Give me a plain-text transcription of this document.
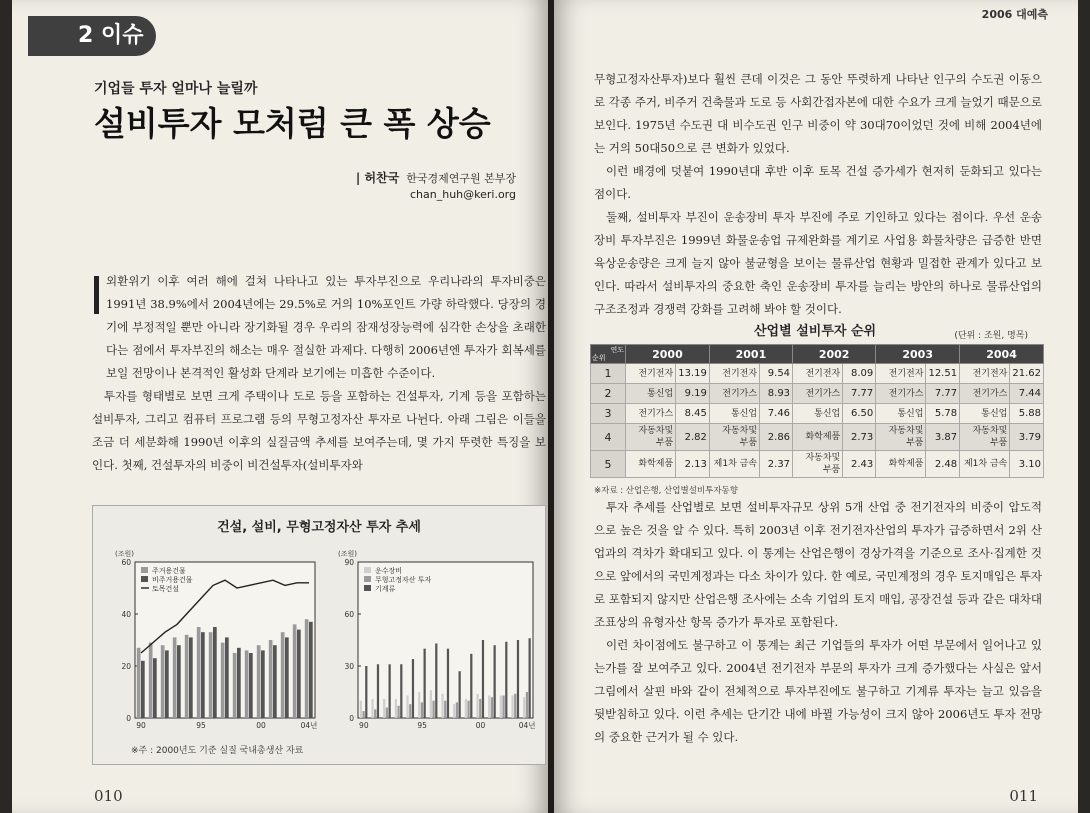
2 이슈
기업들 투자 얼마나 늘릴까
설비투자 모처럼 큰 폭 상승
| 허찬국 한국경제연구원 본부장
chan_huh@keri.org

외환위기 이후 여러 해에 걸쳐 나타나고 있는 투자부진으로 우리나라의 투자비중은 1991년 38.9%에서 2004년에는 29.5%로 거의 10%포인트 가량 하락했다. 당장의 경기에 부정적일 뿐만 아니라 장기화될 경우 우리의 잠재성장능력에 심각한 손상을 초래한다는 점에서 투자부진의 해소는 매우 절실한 과제다. 다행히 2006년엔 투자가 회복세를 보일 전망이나 본격적인 활성화 단계라 보기에는 미흡한 수준이다.

투자를 형태별로 보면 크게 주택이나 도로 등을 포함하는 건설투자, 기계 등을 포함하는 설비투자, 그리고 컴퓨터 프로그램 등의 무형고정자산 투자로 나뉜다. 아래 그림은 이들을 조금 더 세분화해 1990년 이후의 실질금액 추세를 보여주는데, 몇 가지 뚜렷한 특징을 보인다. 첫째, 건설투자의 비중이 비건설투자(설비투자와

건설, 설비, 무형고정자산 투자 추세
(조원)
0
20
40
60
90	95	00	04년
주거용건물
비주거용건물
토목건설
(조원)
0
30
60
90
90	95	00	04년
운수장비
무형고정자산 투자
기계류
※주 : 2000년도 기준 실질 국내총생산 자료
010
2006 대예측

무형고정자산투자)보다 훨씬 큰데 이것은 그 동안 뚜렷하게 나타난 인구의 수도권 이동으로 각종 주거, 비주거 건축물과 도로 등 사회간접자본에 대한 수요가 크게 늘었기 때문으로 보인다. 1975년 수도권 대 비수도권 인구 비중이 약 30대70이었던 것에 비해 2004년에는 거의 50대50으로 큰 변화가 있었다.

이런 배경에 덧붙여 1990년대 후반 이후 토목 건설 증가세가 현저히 둔화되고 있다는 점이다.

둘째, 설비투자 부진이 운송장비 투자 부진에 주로 기인하고 있다는 점이다. 우선 운송장비 투자부진은 1999년 화물운송업 규제완화를 계기로 사업용 화물차량은 급증한 반면 육상운송량은 크게 늘지 않아 불균형을 보이는 물류산업 현황과 밀접한 관계가 있다고 보인다. 따라서 설비투자의 중요한 축인 운송장비 투자를 늘리는 방안의 하나로 물류산업의 구조조정과 경쟁력 강화를 고려해 봐야 할 것이다.

산업별 설비투자 순위	(단위 : 조원, 명목)
연도
순위	2000		2001		2002		2003		2004	
1	전기전자	13.19	전기전자	9.54	전기전자	8.09	전기전자	12.51	전기전자	21.62
2	통신업	9.19	전기가스	8.93	전기가스	7.77	전기가스	7.77	전기가스	7.44
3	전기가스	8.45	통신업	7.46	통신업	6.50	통신업	5.78	통신업	5.88
4	자동차및 부품	2.82	자동차및 부품	2.86	화학제품	2.73	자동차및 부품	3.87	자동차및 부품	3.79
5	화학제품	2.13	제1차 금속	2.37	자동차및 부품	2.43	화학제품	2.48	제1차 금속	3.10
※자료 : 산업은행, 산업별설비투자동향

투자 추세를 산업별로 보면 설비투자규모 상위 5개 산업 중 전기전자의 비중이 압도적으로 높은 것을 알 수 있다. 특히 2003년 이후 전기전자산업의 투자가 급증하면서 2위 산업과의 격차가 확대되고 있다. 이 통계는 산업은행이 경상가격을 기준으로 조사·집계한 것으로 앞에서의 국민계정과는 다소 차이가 있다. 한 예로, 국민계정의 경우 토지매입은 투자로 포함되지 않지만 산업은행 조사에는 소속 기업의 토지 매입, 공장건설 등과 같은 대차대조표상의 유형자산 항목 증가가 투자로 포함된다.

이런 차이점에도 불구하고 이 통계는 최근 기업들의 투자가 어떤 부문에서 일어나고 있는가를 잘 보여주고 있다. 2004년 전기전자 부문의 투자가 크게 증가했다는 사실은 앞서 그림에서 살핀 바와 같이 전체적으로 투자부진에도 불구하고 기계류 투자는 늘고 있음을 뒷받침하고 있다. 이런 추세는 단기간 내에 바뀔 가능성이 크지 않아 2006년도 투자 전망의 중요한 근거가 될 수 있다.

011
